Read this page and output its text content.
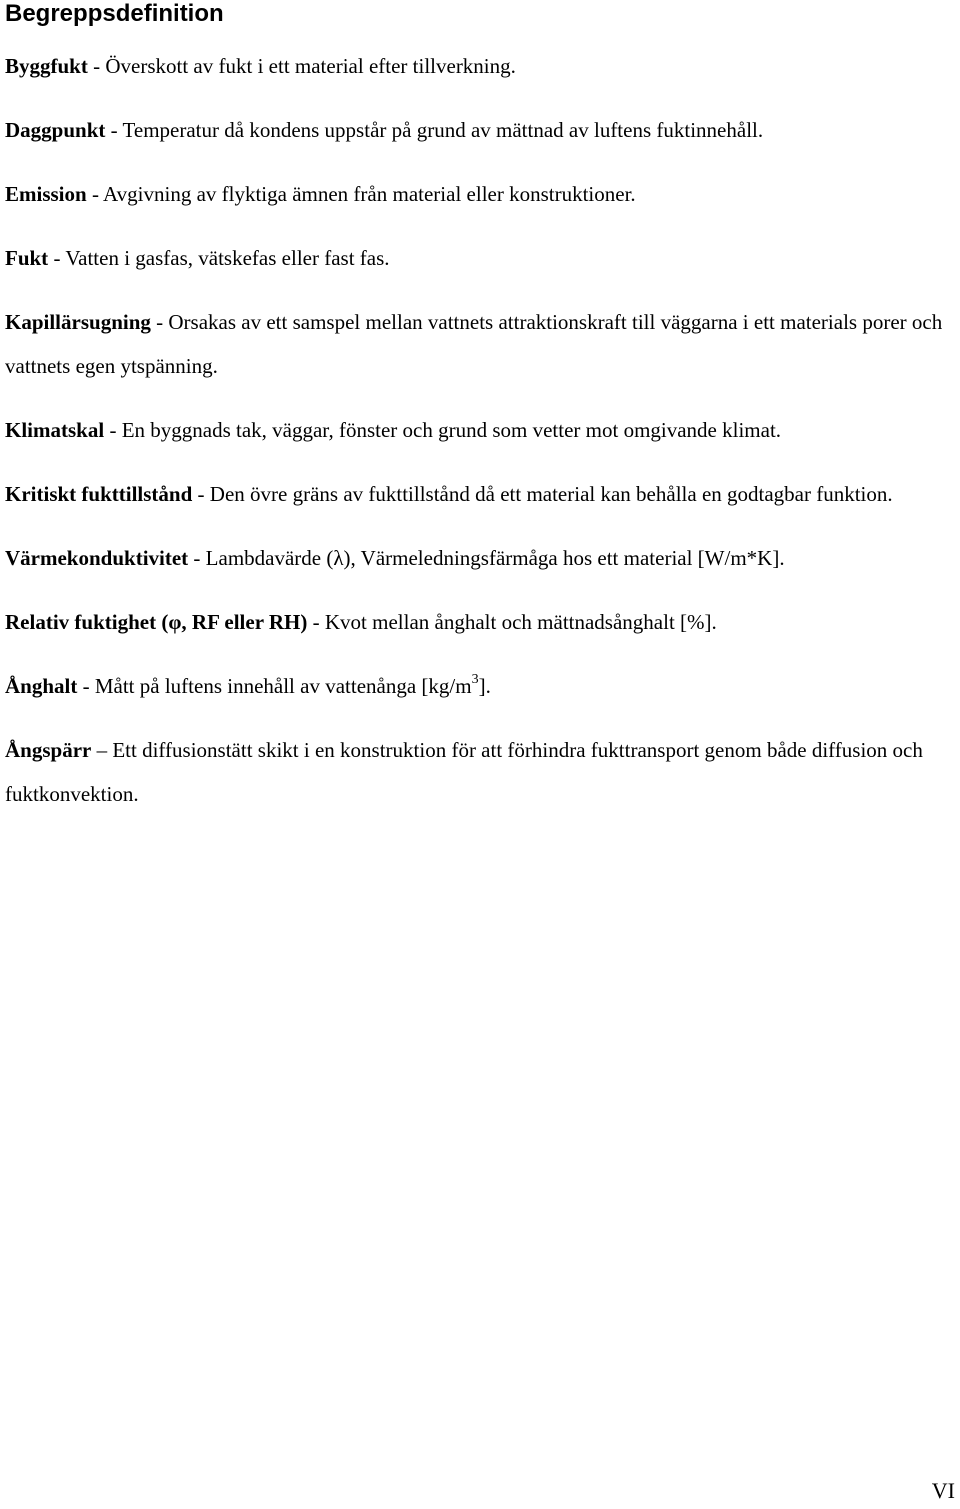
Begreppsdefinition

Byggfukt - Överskott av fukt i ett material efter tillverkning.

Daggpunkt - Temperatur då kondens uppstår på grund av mättnad av luftens fuktinnehåll.

Emission - Avgivning av flyktiga ämnen från material eller konstruktioner.

Fukt - Vatten i gasfas, vätskefas eller fast fas.

Kapillärsugning - Orsakas av ett samspel mellan vattnets attraktionskraft till väggarna i ett materials porer och vattnets egen ytspänning.

Klimatskal - En byggnads tak, väggar, fönster och grund som vetter mot omgivande klimat.

Kritiskt fukttillstånd - Den övre gräns av fukttillstånd då ett material kan behålla en godtagbar funktion.

Värmekonduktivitet - Lambdavärde (λ), Värmeledningsfärmåga hos ett material [W/m*K].

Relativ fuktighet (φ, RF eller RH) - Kvot mellan ånghalt och mättnadsånghalt [%].

Ånghalt - Mått på luftens innehåll av vattenånga $[kg/m^3]$.

Ångspärr – Ett diffusionstätt skikt i en konstruktion för att förhindra fukttransport genom både diffusion och fuktkonvektion.

VI
